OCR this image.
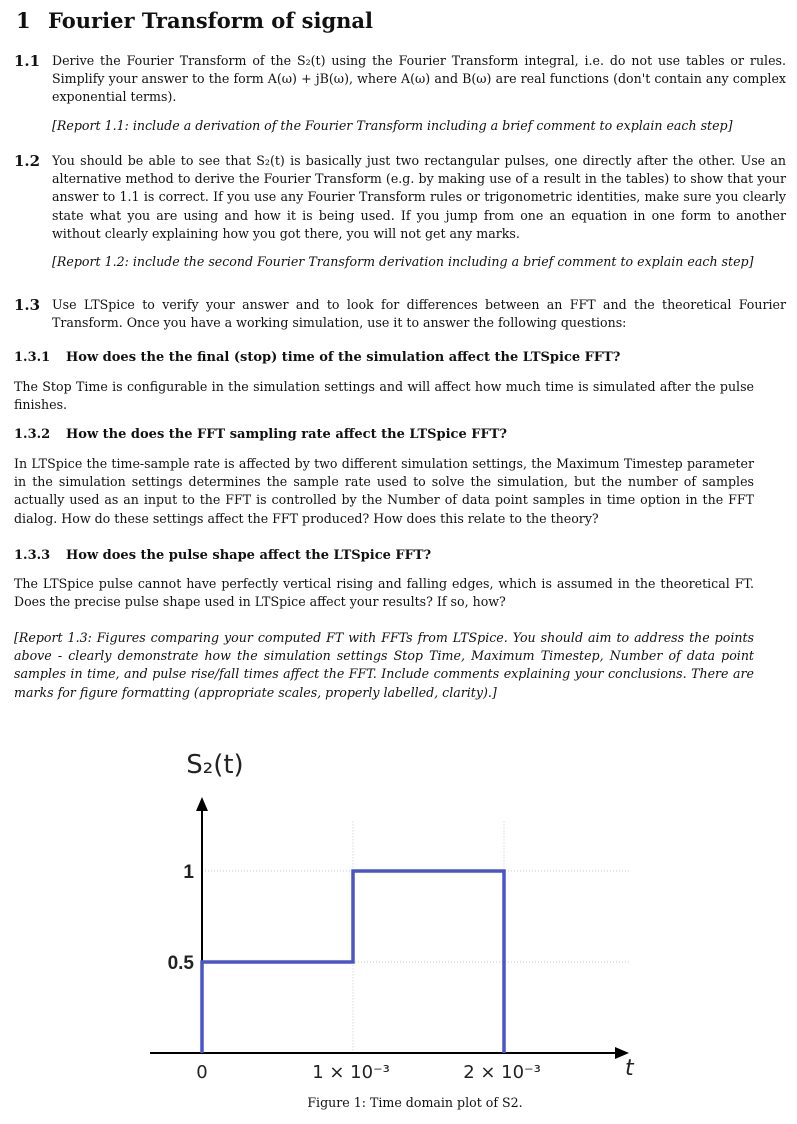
1 Fourier Transform of signal
1.1 Derive the Fourier Transform of the S₂(t) using the Fourier Transform integral, i.e. do not use tables or rules. Simplify your answer to the form A(ω) + jB(ω), where A(ω) and B(ω) are real functions (don't contain any complex exponential terms).
[Report 1.1: include a derivation of the Fourier Transform including a brief comment to explain each step]
1.2 You should be able to see that S₂(t) is basically just two rectangular pulses, one directly after the other. Use an alternative method to derive the Fourier Transform (e.g. by making use of a result in the tables) to show that your answer to 1.1 is correct. If you use any Fourier Transform rules or trigonometric identities, make sure you clearly state what you are using and how it is being used. If you jump from one an equation in one form to another without clearly explaining how you got there, you will not get any marks.
[Report 1.2: include the second Fourier Transform derivation including a brief comment to explain each step]
1.3 Use LTSpice to verify your answer and to look for differences between an FFT and the theoretical Fourier Transform. Once you have a working simulation, use it to answer the following questions:
1.3.1 How does the the final (stop) time of the simulation affect the LTSpice FFT?
The Stop Time is configurable in the simulation settings and will affect how much time is simulated after the pulse finishes.
1.3.2 How the does the FFT sampling rate affect the LTSpice FFT?
In LTSpice the time-sample rate is affected by two different simulation settings, the Maximum Timestep parameter in the simulation settings determines the sample rate used to solve the simulation, but the number of samples actually used as an input to the FFT is controlled by the Number of data point samples in time option in the FFT dialog. How do these settings affect the FFT produced? How does this relate to the theory?
1.3.3 How does the pulse shape affect the LTSpice FFT?
The LTSpice pulse cannot have perfectly vertical rising and falling edges, which is assumed in the theoretical FT. Does the precise pulse shape used in LTSpice affect your results? If so, how?
[Report 1.3: Figures comparing your computed FT with FFTs from LTSpice. You should aim to address the points above - clearly demonstrate how the simulation settings Stop Time, Maximum Timestep, Number of data point samples in time, and pulse rise/fall times affect the FFT. Include comments explaining your conclusions. There are marks for figure formatting (appropriate scales, properly labelled, clarity).]
0.5
1
0	1 × 10⁻³	2 × 10⁻³	t
S₂(t)
Figure 1: Time domain plot of S2.
